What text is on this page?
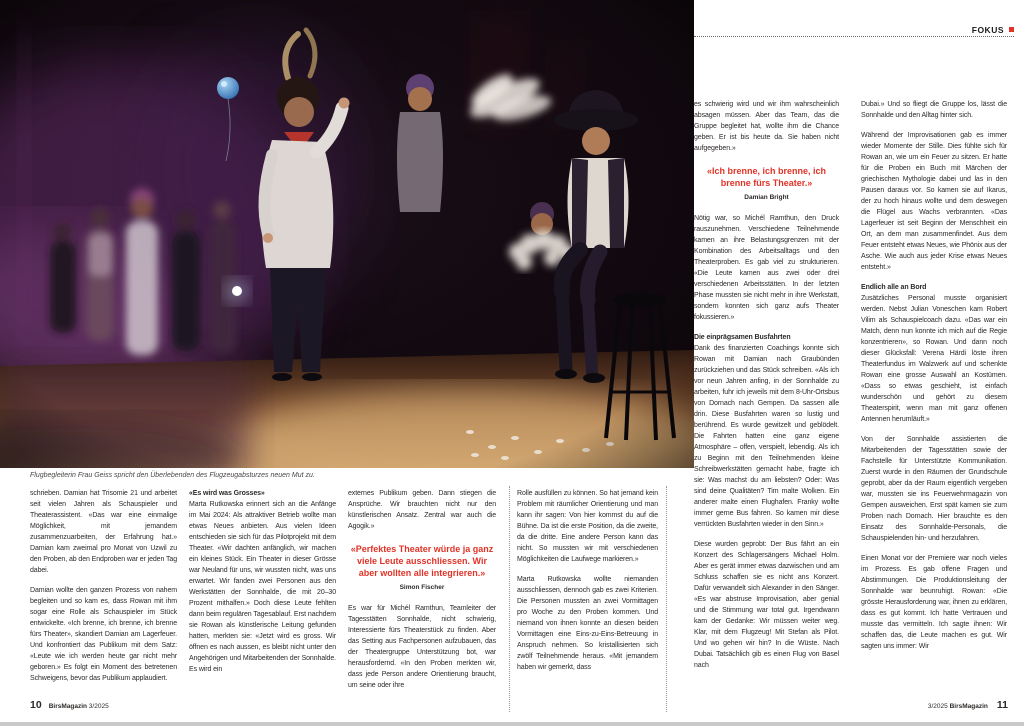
Flugbegleiterin Frau Geiss spricht den Überlebenden des Flugzeugabsturzes neuen Mut zu.
FOKUS
schrieben. Damian hat Trisomie 21 und arbeitet seit vielen Jahren als Schauspieler und Theaterassistent. «Das war eine einmalige Möglichkeit, mit jemandem zusammenzuarbeiten, der Erfahrung hat.» Damian kam zweimal pro Monat von Uzwil zu den Proben, ab den Endproben war er jeden Tag dabei.
Damian wollte den ganzen Prozess von nahem begleiten und so kam es, dass Rowan mit ihm sogar eine Rolle als Schauspieler im Stück entwickelte. «Ich brenne, ich brenne, ich brenne fürs Theater», skandiert Damian am Lagerfeuer. Und konfrontiert das Publikum mit dem Satz: «Leute wie ich werden heute gar nicht mehr geboren.» Es folgt ein Moment des betretenen Schweigens, bevor das Publikum applaudiert.
«Es wird was Grosses»
Marta Rutkowska erinnert sich an die Anfänge im Mai 2024: Als attraktiver Betrieb wollte man etwas Neues anbieten. Aus vielen Ideen entschieden sie sich für das Pilotprojekt mit dem Theater. «Wir dachten anfänglich, wir machen ein kleines Stück. Ein Theater in dieser Grösse war Neuland für uns, wir wussten nicht, was uns erwartet. Wir fanden zwei Personen aus den Werkstätten der Sonnhalde, die mit 20–30 Prozent mithalfen.» Doch diese Leute fehlten dann beim regulären Tagesablauf. Erst nachdem sie Rowan als künstlerische Leitung gefunden hatten, merkten sie: «Jetzt wird es gross. Wir öffnen es nach aussen, es bleibt nicht unter den Angehörigen und Mitarbeitenden der Sonnhalde. Es wird ein
externes Publikum geben. Dann stiegen die Ansprüche. Wir brauchten nicht nur den künstlerischen Ansatz. Zentral war auch die Agogik.»
«Perfektes Theater würde ja ganz viele Leute ausschliessen. Wir aber wollten alle integrieren.»
Simon Fischer
Es war für Michél Ramthun, Teamleiter der Tagesstätten Sonnhalde, nicht schwierig, Interessierte fürs Theaterstück zu finden. Aber das Setting aus Fachpersonen aufzubauen, das der Theatergruppe Unterstützung bot, war herausfordernd. «In den Proben merkten wir, dass jede Person andere Orientierung braucht, um seine oder ihre
Rolle ausfüllen zu können. So hat jemand kein Problem mit räumlicher Orientierung und man kann ihr sagen: Von hier kommst du auf die Bühne. Da ist die erste Position, da die zweite, da die dritte. Eine andere Person kann das nicht. So mussten wir mit verschiedenen Möglichkeiten die Laufwege markieren.»
Marta Rutkowska wollte niemanden ausschliessen, dennoch gab es zwei Kriterien. Die Personen mussten an zwei Vormittagen pro Woche zu den Proben kommen. Und niemand von ihnen konnte an diesen beiden Vormittagen eine Eins-zu-Eins-Betreuung in Anspruch nehmen. So kristallisierten sich zwölf Teilnehmende heraus. «Mit jemandem haben wir gemerkt, dass
es schwierig wird und wir ihm wahrscheinlich absagen müssen. Aber das Team, das die Gruppe begleitet hat, wollte ihm die Chance geben. Er ist bis heute da. Sie haben nicht aufgegeben.»
«Ich brenne, ich brenne, ich brenne fürs Theater.»
Damian Bright
Nötig war, so Michél Ramthun, den Druck rauszunehmen. Verschiedene Teilnehmende kamen an ihre Belastungsgrenzen mit der Kombination des Arbeitsalltags und den Theaterproben. Es gab viel zu strukturieren. «Die Leute kamen aus zwei oder drei verschiedenen Arbeitsstätten. In der letzten Phase mussten sie nicht mehr in ihre Werkstatt, sondern konnten sich ganz aufs Theater fokussieren.»
Die einprägsamen Busfahrten
Dank des finanzierten Coachings konnte sich Rowan mit Damian nach Graubünden zurückziehen und das Stück schreiben. «Als ich vor neun Jahren anfing, in der Sonnhalde zu arbeiten, fuhr ich jeweils mit dem 8-Uhr-Ortsbus von Dornach nach Gempen. Da sassen alle drin. Diese Busfahrten waren so lustig und berührend. Es wurde gewitzelt und geblödelt. Die Fahrten hatten eine ganz eigene Atmosphäre – offen, verspielt, lebendig. Als ich zu Beginn mit den Teilnehmenden kleine Schreibwerkstätten gemacht habe, fragte ich sie: Was machst du am liebsten? Oder: Was sind deine Qualitäten? Tim malte Wolken. Ein anderer malte einen Flughafen. Franky wollte immer gerne Bus fahren. So kamen mir diese verrückten Busfahrten wieder in den Sinn.»
Diese wurden geprobt: Der Bus fährt an ein Konzert des Schlagersängers Michael Holm. Aber es gerät immer etwas dazwischen und am Schluss schaffen sie es nicht ans Konzert. Dafür verwandelt sich Alexander in den Sänger. «Es war abstruse Improvisation, aber genial und die Stimmung war total gut. Irgendwann kam der Gedanke: Wir müssen weiter weg. Klar, mit dem Flugzeug! Mit Stefan als Pilot. Und wo gehen wir hin? In die Wüste. Nach Dubai. Tatsächlich gib es einen Flug von Basel nach
Dubai.» Und so fliegt die Gruppe los, lässt die Sonnhalde und den Alltag hinter sich.
Während der Improvisationen gab es immer wieder Momente der Stille. Dies fühlte sich für Rowan an, wie um ein Feuer zu sitzen. Er hatte für die Proben ein Buch mit Märchen der griechischen Mythologie dabei und las in den Pausen daraus vor. So kamen sie auf Ikarus, der zu hoch hinaus wollte und dem deswegen die Flügel aus Wachs verbrannten. «Das Lagerfeuer ist seit Beginn der Menschheit ein Ort, an dem man zusammenfindet. Aus dem Feuer entsteht etwas Neues, wie Phönix aus der Asche. Wie auch aus jeder Krise etwas Neues entsteht.»
Endlich alle an Bord
Zusätzliches Personal musste organisiert werden. Nebst Julian Voneschen kam Robert Vilim als Schauspielcoach dazu. «Das war ein Match, denn nun konnte ich mich auf die Regie konzentrieren», so Rowan. Und dann noch dieser Glücksfall: Verena Härdi löste ihren Theaterfundus im Walzwerk auf und schenkte Rowan eine grosse Auswahl an Kostümen. «Dass so etwas geschieht, ist einfach wunderschön und gehört zu diesem Theaterspirit, wenn man mit ganz offenen Antennen herumläuft.»
Von der Sonnhalde assistierten die Mitarbeitenden der Tagesstätten sowie der Fachstelle für Unterstützte Kommunikation. Zuerst wurde in den Räumen der Grundschule geprobt, aber da der Raum eigentlich vergeben war, mussten sie ins Feuerwehrmagazin von Gempen ausweichen. Erst spät kamen sie zum Proben nach Dornach. Hier brauchte es den Einsatz des Sonnhalde-Personals, die Schauspielenden hin- und herzufahren.
Einen Monat vor der Premiere war noch vieles im Prozess. Es gab offene Fragen und Abstimmungen. Die Produktionsleitung der Sonnhalde war beunruhigt. Rowan: «Die grösste Herausforderung war, ihnen zu erklären, dass es gut kommt. Ich hatte Vertrauen und musste das vermitteln. Ich sagte ihnen: Wir schaffen das, die Leute machen es gut. Wir sagten uns immer: Wir
10 BirsMagazin 3/2025	3/2025 BirsMagazin 11
